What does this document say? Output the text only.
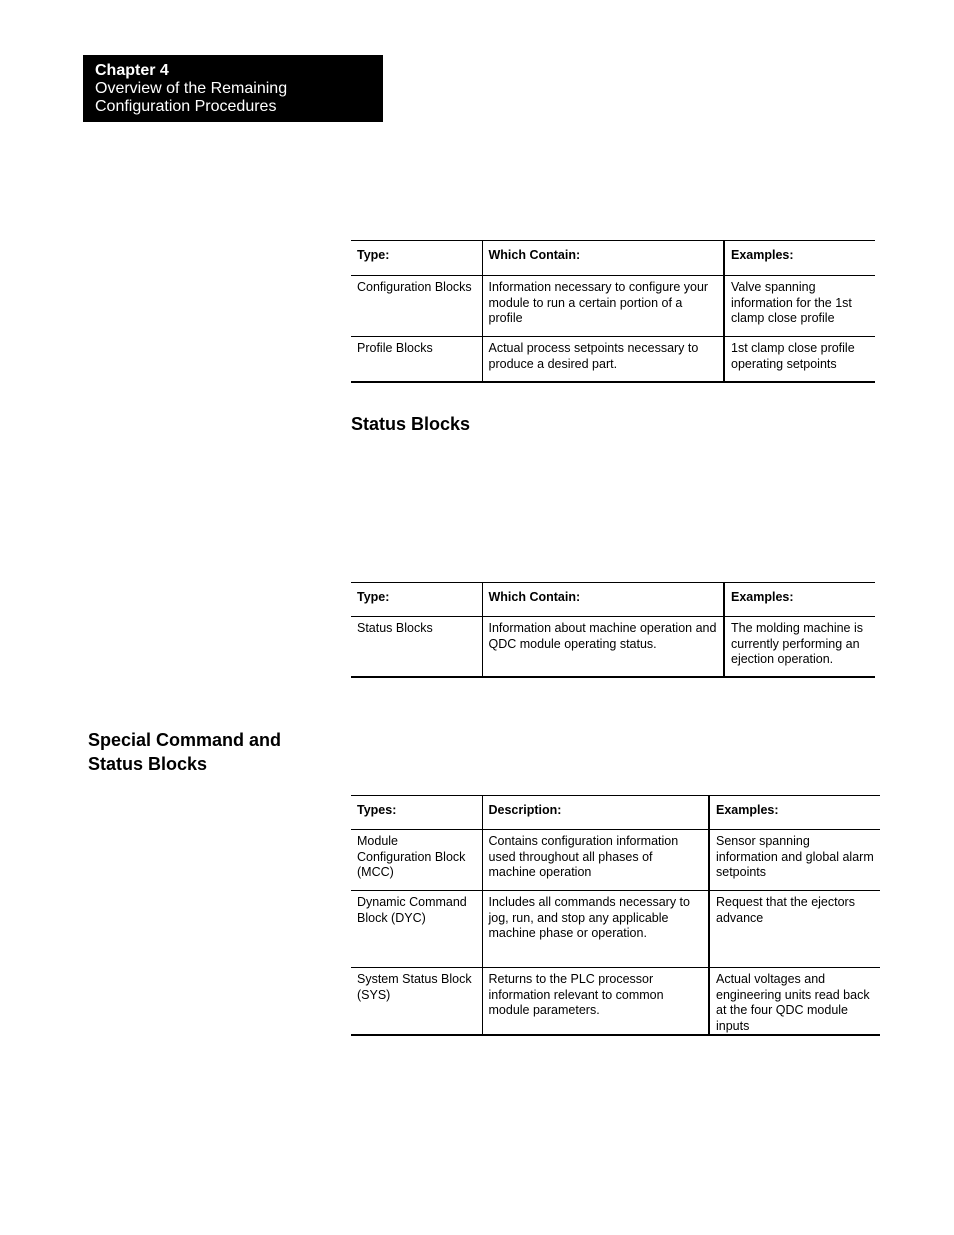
Chapter 4
Overview of the Remaining
Configuration Procedures
Type:	Which Contain:	Examples:
Configuration Blocks	Information necessary to configure your module to run a certain portion of a profile	Valve spanning information for the 1st clamp close profile
Profile Blocks	Actual process setpoints necessary to produce a desired part.	1st clamp close profile operating setpoints
Status Blocks
Type:	Which Contain:	Examples:
Status Blocks	Information about machine operation and QDC module operating status.	The molding machine is currently performing an ejection operation.
Special Command and
Status Blocks
Types:	Description:	Examples:
Module Configuration Block (MCC)	Contains configuration information used throughout all phases of machine operation	Sensor spanning information and global alarm setpoints
Dynamic Command Block (DYC)	Includes all commands necessary to jog, run, and stop any applicable machine phase or operation.	Request that the ejectors advance
System Status Block (SYS)	Returns to the PLC processor information relevant to common module parameters.	Actual voltages and engineering units read back at the four QDC module inputs
